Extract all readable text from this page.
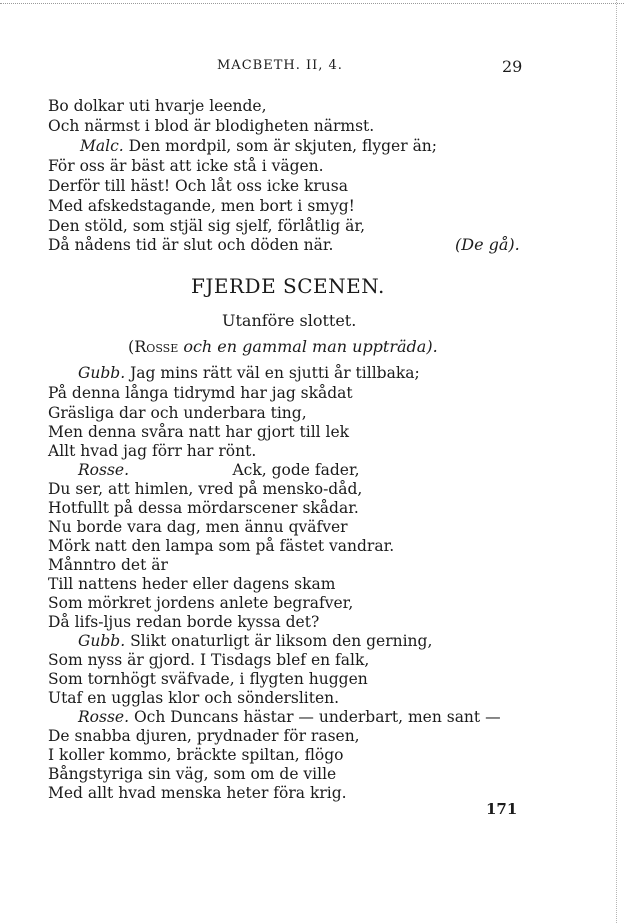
MACBETH. II, 4.	29
Bo dolkar uti hvarje leende,
Och närmst i blod är blodigheten närmst.
Malc. Den mordpil, som är skjuten, flyger än;
För oss är bäst att icke stå i vägen.
Derför till häst! Och låt oss icke krusa
Med afskedstagande, men bort i smyg!
Den stöld, som stjäl sig sjelf, förlåtlig är,
Då nådens tid är slut och döden när.	(De gå).
FJERDE SCENEN.
Utanföre slottet.
(Rosse och en gammal man uppträda).
Gubb. Jag mins rätt väl en sjutti år tillbaka;
På denna långa tidrymd har jag skådat
Gräsliga dar och underbara ting,
Men denna svåra natt har gjort till lek
Allt hvad jag förr har rönt.
Rosse.                     Ack, gode fader,
Du ser, att himlen, vred på mensko-dåd,
Hotfullt på dessa mördarscener skådar.
Nu borde vara dag, men ännu qväfver
Mörk natt den lampa som på fästet vandrar.
Månntro det är
Till nattens heder eller dagens skam
Som mörkret jordens anlete begrafver,
Då lifs-ljus redan borde kyssa det?
Gubb. Slikt onaturligt är liksom den gerning,
Som nyss är gjord. I Tisdags blef en falk,
Som tornhögt sväfvade, i flygten huggen
Utaf en ugglas klor och söndersliten.
Rosse. Och Duncans hästar — underbart, men sant —
De snabba djuren, prydnader för rasen,
I koller kommo, bräckte spiltan, flögo
Bångstyriga sin väg, som om de ville
Med allt hvad menska heter föra krig.
171
